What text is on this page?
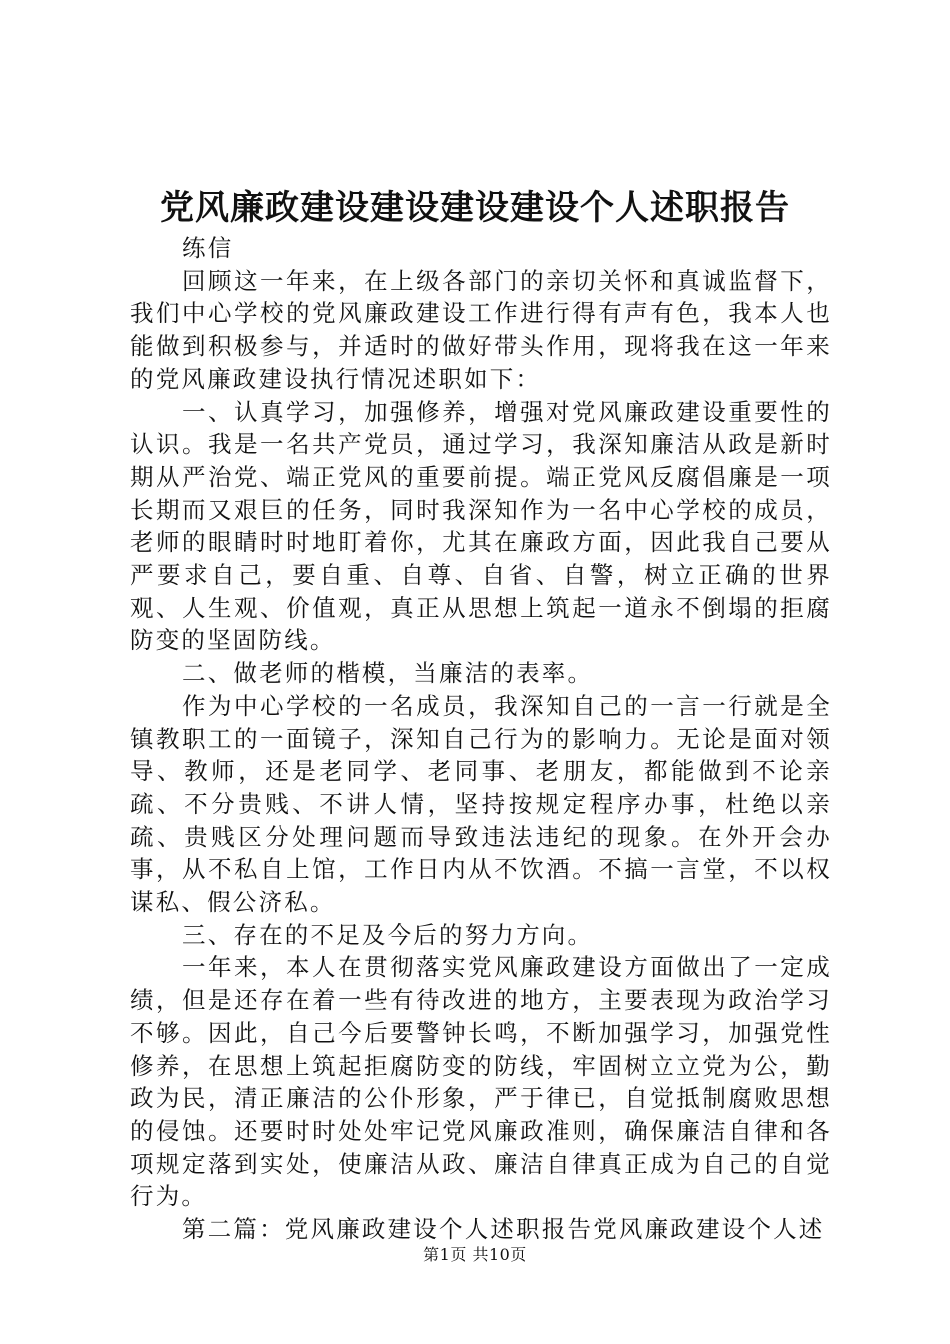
党风廉政建设建设建设建设个人述职报告

练信

回顾这一年来，在上级各部门的亲切关怀和真诚监督下，我们中心学校的党风廉政建设工作进行得有声有色，我本人也能做到积极参与，并适时的做好带头作用，现将我在这一年来的党风廉政建设执行情况述职如下：

一、认真学习，加强修养，增强对党风廉政建设重要性的认识。我是一名共产党员，通过学习，我深知廉洁从政是新时期从严治党、端正党风的重要前提。端正党风反腐倡廉是一项长期而又艰巨的任务，同时我深知作为一名中心学校的成员，老师的眼睛时时地盯着你，尤其在廉政方面，因此我自己要从严要求自己，要自重、自尊、自省、自警，树立正确的世界观、人生观、价值观，真正从思想上筑起一道永不倒塌的拒腐防变的坚固防线。

二、做老师的楷模，当廉洁的表率。

作为中心学校的一名成员，我深知自己的一言一行就是全镇教职工的一面镜子，深知自己行为的影响力。无论是面对领导、教师，还是老同学、老同事、老朋友，都能做到不论亲疏、不分贵贱、不讲人情，坚持按规定程序办事，杜绝以亲疏、贵贱区分处理问题而导致违法违纪的现象。在外开会办事，从不私自上馆，工作日内从不饮酒。不搞一言堂，不以权谋私、假公济私。

三、存在的不足及今后的努力方向。

一年来，本人在贯彻落实党风廉政建设方面做出了一定成绩，但是还存在着一些有待改进的地方，主要表现为政治学习不够。因此，自己今后要警钟长鸣，不断加强学习，加强党性修养，在思想上筑起拒腐防变的防线，牢固树立立党为公，勤政为民，清正廉洁的公仆形象，严于律已，自觉抵制腐败思想的侵蚀。还要时时处处牢记党风廉政准则，确保廉洁自律和各项规定落到实处，使廉洁从政、廉洁自律真正成为自己的自觉行为。

第二篇：党风廉政建设个人述职报告党风廉政建设个人述

第1页 共10页
